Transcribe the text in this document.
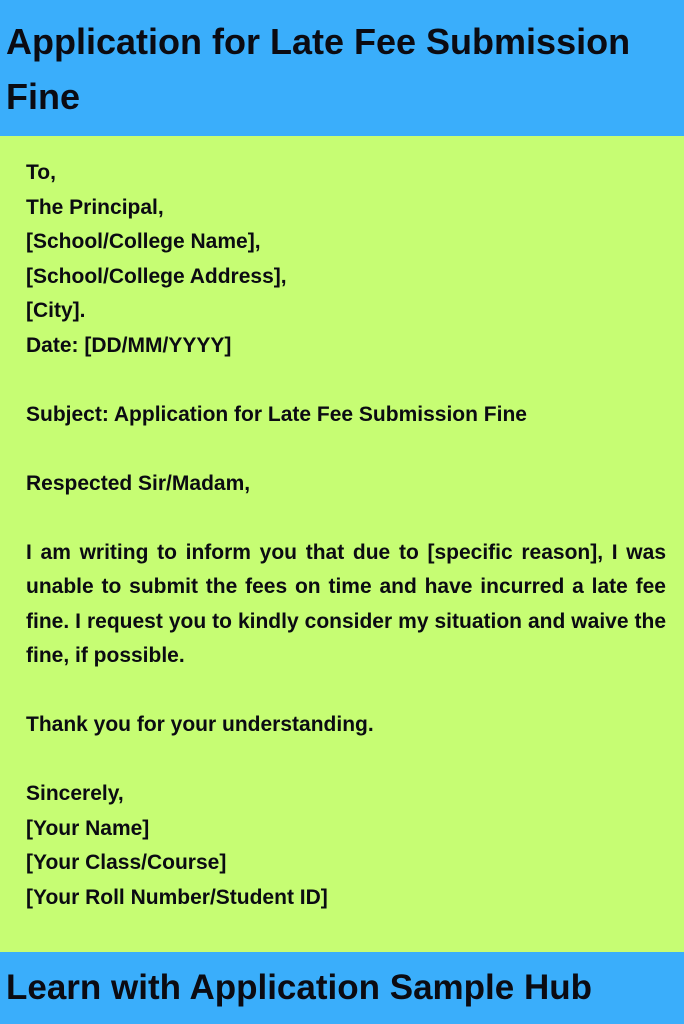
Application for Late Fee Submission Fine
To,
The Principal,
[School/College Name],
[School/College Address],
[City].
Date: [DD/MM/YYYY]
Subject: Application for Late Fee Submission Fine
Respected Sir/Madam,
I am writing to inform you that due to [specific reason], I was unable to submit the fees on time and have incurred a late fee fine. I request you to kindly consider my situation and waive the fine, if possible.
Thank you for your understanding.
Sincerely,
[Your Name]
[Your Class/Course]
[Your Roll Number/Student ID]

Learn with Application Sample Hub
